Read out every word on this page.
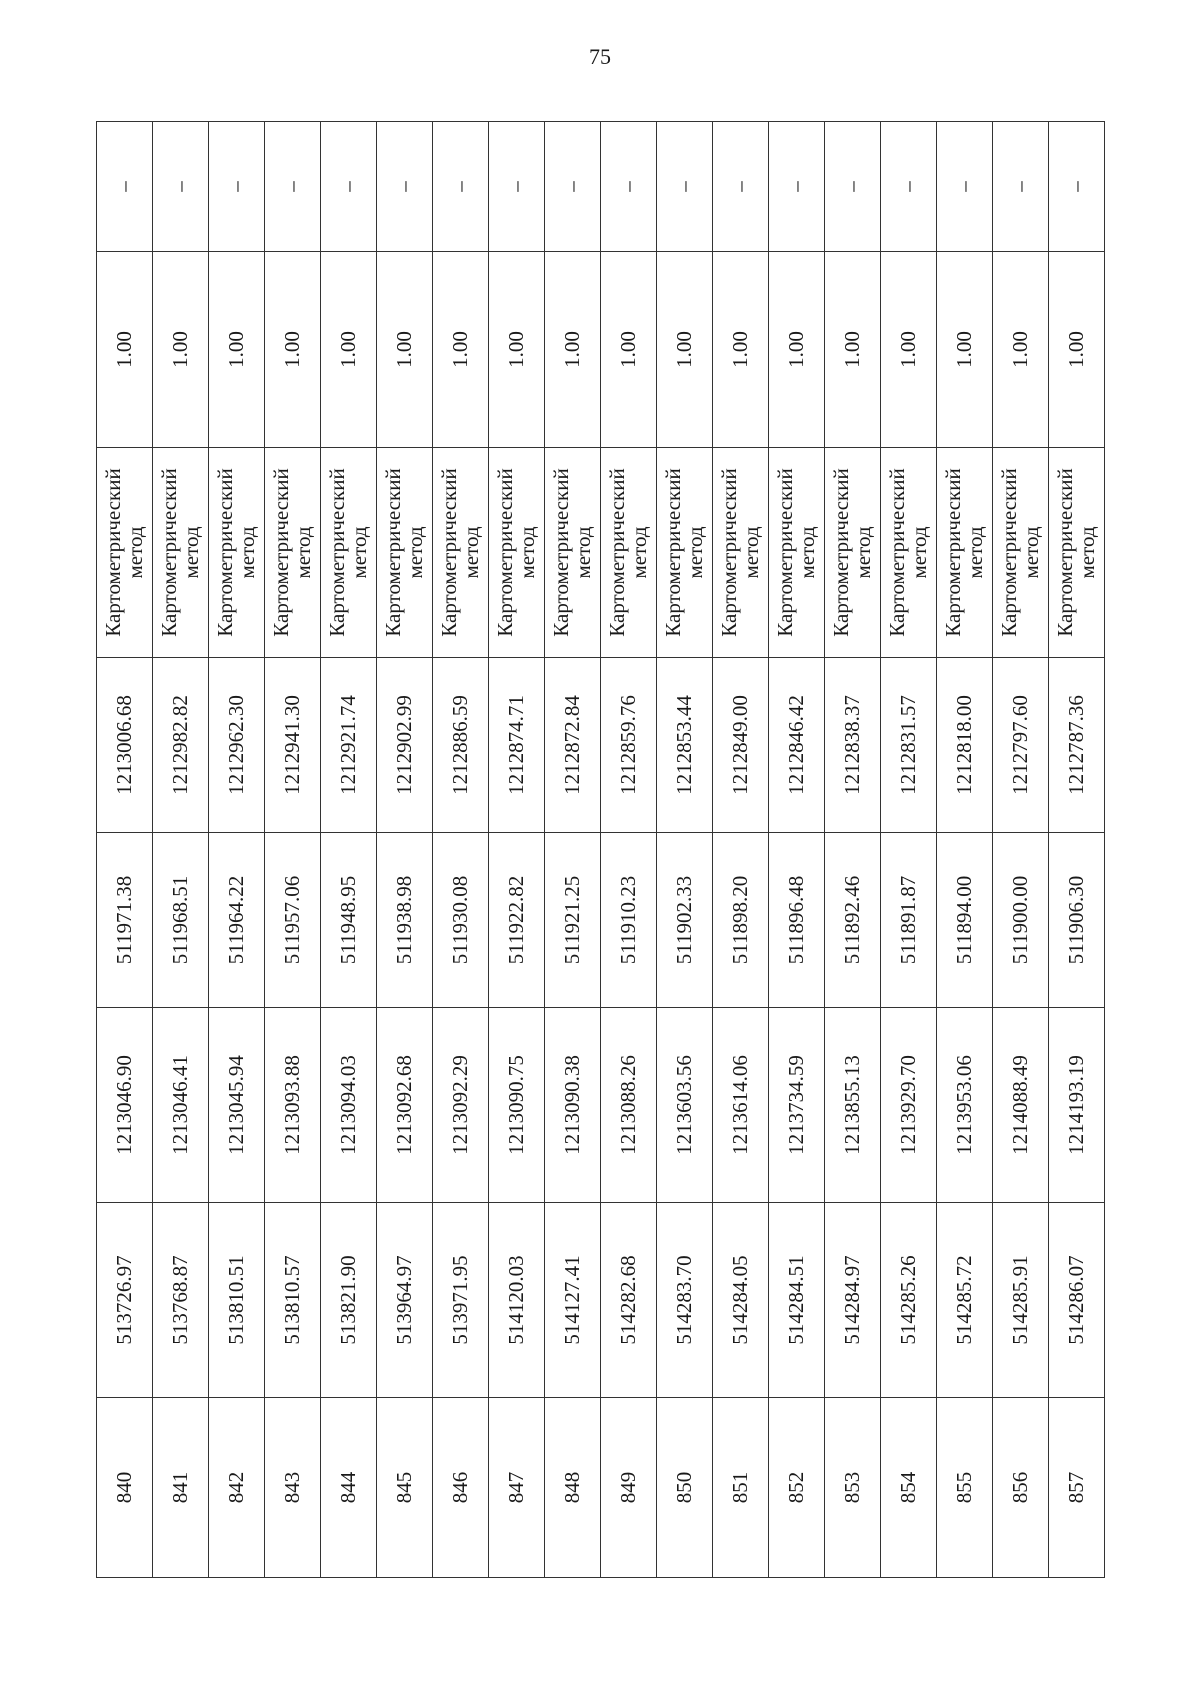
75
840	513726.97	1213046.90	511971.38	1213006.68	Картометрический метод	1.00	–
841	513768.87	1213046.41	511968.51	1212982.82	Картометрический метод	1.00	–
842	513810.51	1213045.94	511964.22	1212962.30	Картометрический метод	1.00	–
843	513810.57	1213093.88	511957.06	1212941.30	Картометрический метод	1.00	–
844	513821.90	1213094.03	511948.95	1212921.74	Картометрический метод	1.00	–
845	513964.97	1213092.68	511938.98	1212902.99	Картометрический метод	1.00	–
846	513971.95	1213092.29	511930.08	1212886.59	Картометрический метод	1.00	–
847	514120.03	1213090.75	511922.82	1212874.71	Картометрический метод	1.00	–
848	514127.41	1213090.38	511921.25	1212872.84	Картометрический метод	1.00	–
849	514282.68	1213088.26	511910.23	1212859.76	Картометрический метод	1.00	–
850	514283.70	1213603.56	511902.33	1212853.44	Картометрический метод	1.00	–
851	514284.05	1213614.06	511898.20	1212849.00	Картометрический метод	1.00	–
852	514284.51	1213734.59	511896.48	1212846.42	Картометрический метод	1.00	–
853	514284.97	1213855.13	511892.46	1212838.37	Картометрический метод	1.00	–
854	514285.26	1213929.70	511891.87	1212831.57	Картометрический метод	1.00	–
855	514285.72	1213953.06	511894.00	1212818.00	Картометрический метод	1.00	–
856	514285.91	1214088.49	511900.00	1212797.60	Картометрический метод	1.00	–
857	514286.07	1214193.19	511906.30	1212787.36	Картометрический метод	1.00	–
